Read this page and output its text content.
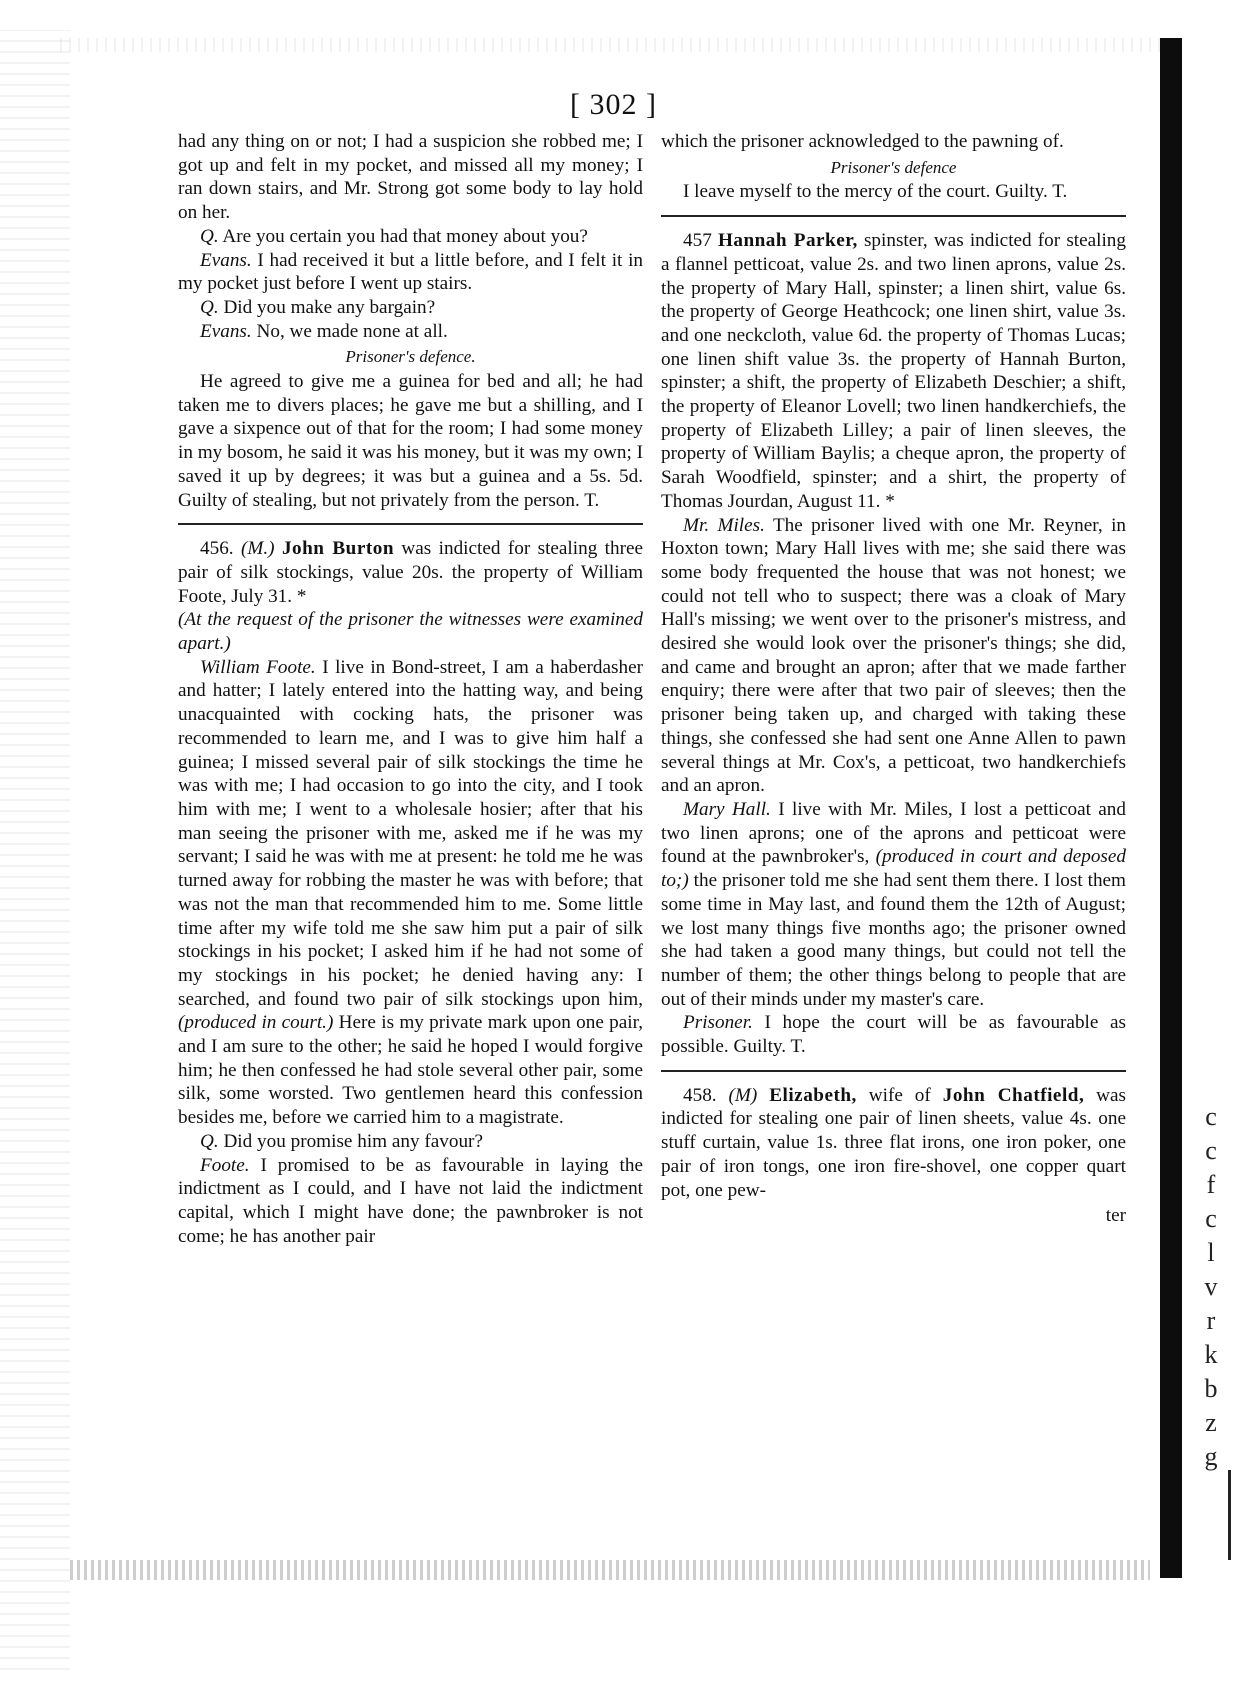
[ 302 ]

had any thing on or not; I had a suspicion she robbed me; I got up and felt in my pocket, and missed all my money; I ran down stairs, and Mr. Strong got some body to lay hold on her.

Q. Are you certain you had that money about you?

Evans. I had received it but a little before, and I felt it in my pocket just before I went up stairs.

Q. Did you make any bargain?

Evans. No, we made none at all.

Prisoner's defence.

He agreed to give me a guinea for bed and all; he had taken me to divers places; he gave me but a shilling, and I gave a sixpence out of that for the room; I had some money in my bosom, he said it was his money, but it was my own; I saved it up by degrees; it was but a guinea and a 5s. 5d. Guilty of stealing, but not privately from the person. T.

456. (M.) John Burton was indicted for stealing three pair of silk stockings, value 20s. the property of William Foote, July 31. *

(At the request of the prisoner the witnesses were examined apart.)

William Foote. I live in Bond-street, I am a haberdasher and hatter; I lately entered into the hatting way, and being unacquainted with cocking hats, the prisoner was recommended to learn me, and I was to give him half a guinea; I missed several pair of silk stockings the time he was with me; I had occasion to go into the city, and I took him with me; I went to a wholesale hosier; after that his man seeing the prisoner with me, asked me if he was my servant; I said he was with me at present: he told me he was turned away for robbing the master he was with before; that was not the man that recommended him to me. Some little time after my wife told me she saw him put a pair of silk stockings in his pocket; I asked him if he had not some of my stockings in his pocket; he denied having any: I searched, and found two pair of silk stockings upon him, (produced in court.) Here is my private mark upon one pair, and I am sure to the other; he said he hoped I would forgive him; he then confessed he had stole several other pair, some silk, some worsted. Two gentlemen heard this confession besides me, before we carried him to a magistrate.

Q. Did you promise him any favour?

Foote. I promised to be as favourable in laying the indictment as I could, and I have not laid the indictment capital, which I might have done; the pawnbroker is not come; he has another pair

which the prisoner acknowledged to the pawning of.

Prisoner's defence

I leave myself to the mercy of the court. Guilty. T.

457 Hannah Parker, spinster, was indicted for stealing a flannel petticoat, value 2s. and two linen aprons, value 2s. the property of Mary Hall, spinster; a linen shirt, value 6s. the property of George Heathcock; one linen shirt, value 3s. and one neckcloth, value 6d. the property of Thomas Lucas; one linen shift value 3s. the property of Hannah Burton, spinster; a shift, the property of Elizabeth Deschier; a shift, the property of Eleanor Lovell; two linen handkerchiefs, the property of Elizabeth Lilley; a pair of linen sleeves, the property of William Baylis; a cheque apron, the property of Sarah Woodfield, spinster; and a shirt, the property of Thomas Jourdan, August 11. *

Mr. Miles. The prisoner lived with one Mr. Reyner, in Hoxton town; Mary Hall lives with me; she said there was some body frequented the house that was not honest; we could not tell who to suspect; there was a cloak of Mary Hall's missing; we went over to the prisoner's mistress, and desired she would look over the prisoner's things; she did, and came and brought an apron; after that we made farther enquiry; there were after that two pair of sleeves; then the prisoner being taken up, and charged with taking these things, she confessed she had sent one Anne Allen to pawn several things at Mr. Cox's, a petticoat, two handkerchiefs and an apron.

Mary Hall. I live with Mr. Miles, I lost a petticoat and two linen aprons; one of the aprons and petticoat were found at the pawnbroker's, (produced in court and deposed to;) the prisoner told me she had sent them there. I lost them some time in May last, and found them the 12th of August; we lost many things five months ago; the prisoner owned she had taken a good many things, but could not tell the number of them; the other things belong to people that are out of their minds under my master's care.

Prisoner. I hope the court will be as favourable as possible. Guilty. T.

458. (M) Elizabeth, wife of John Chatfield, was indicted for stealing one pair of linen sheets, value 4s. one stuff curtain, value 1s. three flat irons, one iron poker, one pair of iron tongs, one iron fire-shovel, one copper quart pot, one pew-

ter
c
c
f
c
l
v
r
k
b
z
g
